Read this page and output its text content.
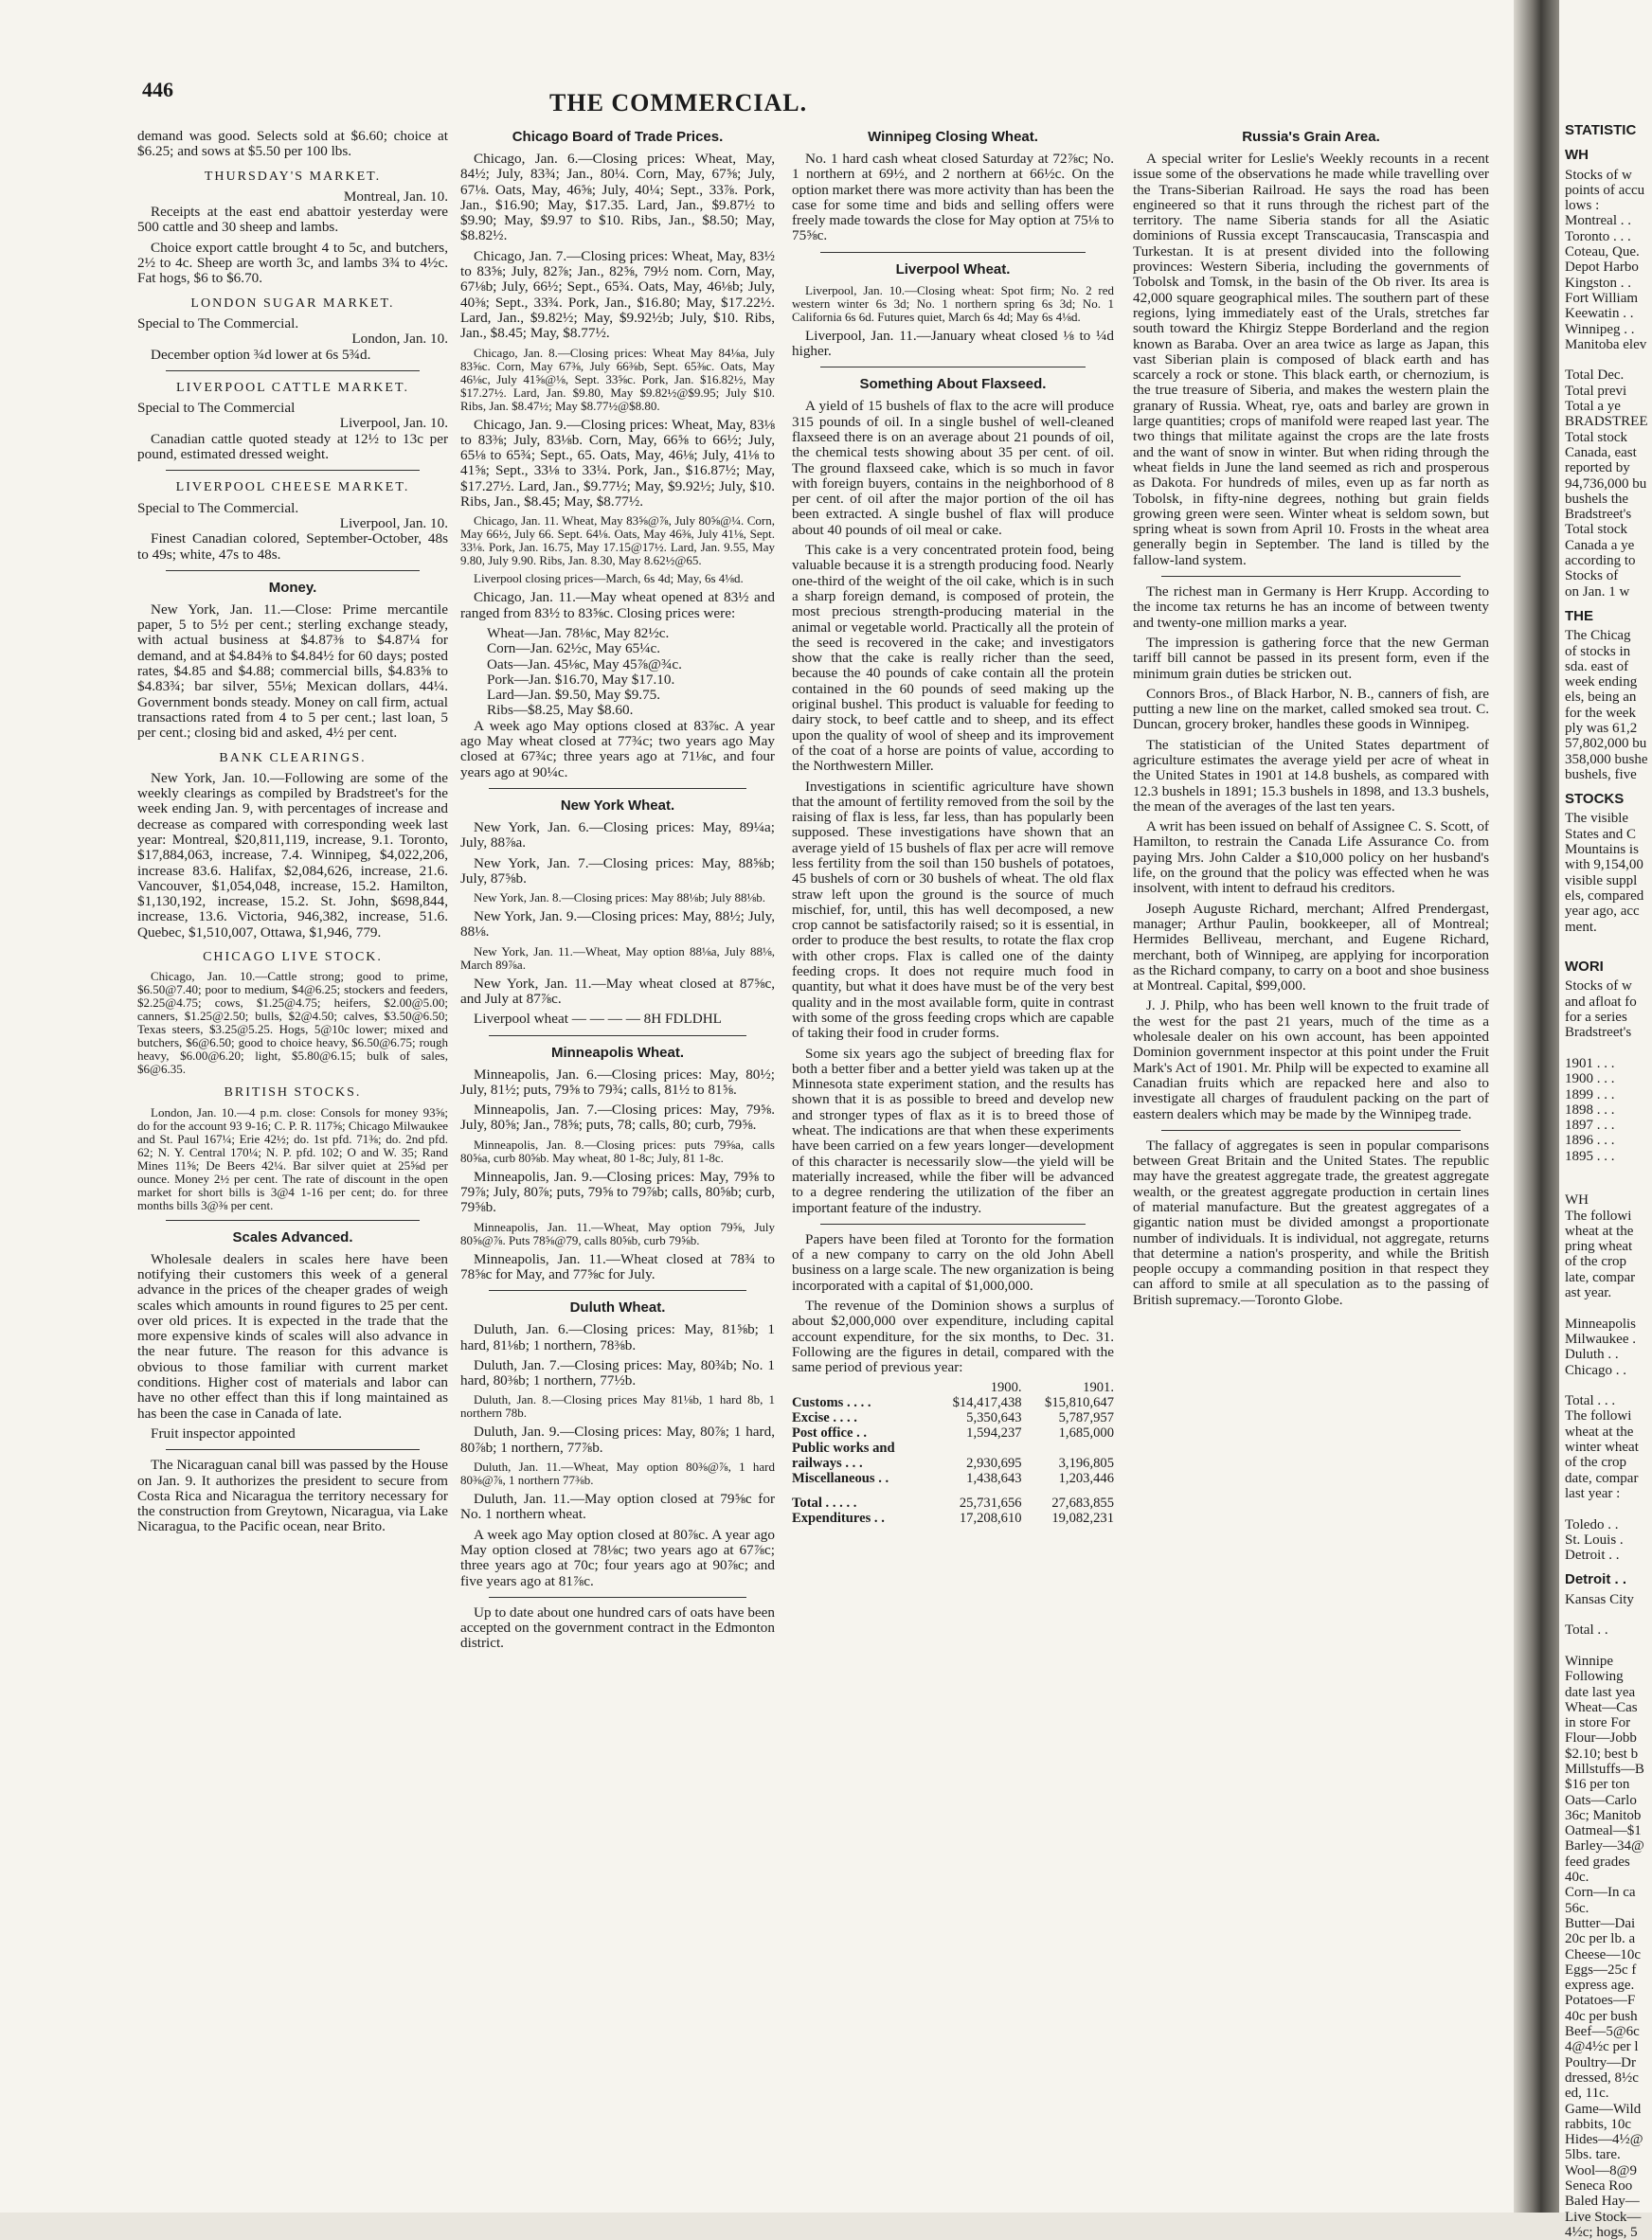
446	THE COMMERCIAL.

demand was good. Selects sold at $6.60; choice at $6.25; and sows at $5.50 per 100 lbs.

THURSDAY'S MARKET.
Montreal, Jan. 10.

Receipts at the east end abattoir yesterday were 500 cattle and 30 sheep and lambs.

Choice export cattle brought 4 to 5c, and butchers, 2½ to 4c. Sheep are worth 3c, and lambs 3¾ to 4½c. Fat hogs, $6 to $6.70.

LONDON SUGAR MARKET.
Special to The Commercial.
London, Jan. 10.

December option ¾d lower at 6s 5¾d.

LIVERPOOL CATTLE MARKET.
Special to The Commercial
Liverpool, Jan. 10.

Canadian cattle quoted steady at 12½ to 13c per pound, estimated dressed weight.

LIVERPOOL CHEESE MARKET.
Special to The Commercial.
Liverpool, Jan. 10.

Finest Canadian colored, September-October, 48s to 49s; white, 47s to 48s.

Money.

New York, Jan. 11.—Close: Prime mercantile paper, 5 to 5½ per cent.; sterling exchange steady, with actual business at $4.87⅜ to $4.87¼ for demand, and at $4.84⅜ to $4.84½ for 60 days; posted rates, $4.85 and $4.88; commercial bills, $4.83⅝ to $4.83¾; bar silver, 55⅛; Mexican dollars, 44¼. Government bonds steady. Money on call firm, actual transactions rated from 4 to 5 per cent.; last loan, 5 per cent.; closing bid and asked, 4½ per cent.

BANK CLEARINGS.

New York, Jan. 10.—Following are some of the weekly clearings as compiled by Bradstreet's for the week ending Jan. 9, with percentages of increase and decrease as compared with corresponding week last year: Montreal, $20,811,119, increase, 9.1. Toronto, $17,884,063, increase, 7.4. Winnipeg, $4,022,206, increase 83.6. Halifax, $2,084,626, increase, 21.6. Vancouver, $1,054,048, increase, 15.2. Hamilton, $1,130,192, increase, 15.2. St. John, $698,844, increase, 13.6. Victoria, 946,382, increase, 51.6. Quebec, $1,510,007, Ottawa, $1,946, 779.

CHICAGO LIVE STOCK.

Chicago, Jan. 10.—Cattle strong; good to prime, $6.50@7.40; poor to medium, $4@6.25; stockers and feeders, $2.25@4.75; cows, $1.25@4.75; heifers, $2.00@5.00; canners, $1.25@2.50; bulls, $2@4.50; calves, $3.50@6.50; Texas steers, $3.25@5.25. Hogs, 5@10c lower; mixed and butchers, $6@6.50; good to choice heavy, $6.50@6.75; rough heavy, $6.00@6.20; light, $5.80@6.15; bulk of sales, $6@6.35.

BRITISH STOCKS.

London, Jan. 10.—4 p.m. close: Consols for money 93⅝; do for the account 93 9-16; C. P. R. 117⅝; Chicago Milwaukee and St. Paul 167¼; Erie 42½; do. 1st pfd. 71⅜; do. 2nd pfd. 62; N. Y. Central 170¼; N. P. pfd. 102; O and W. 35; Rand Mines 11⅝; De Beers 42¼. Bar silver quiet at 25⅝d per ounce. Money 2½ per cent. The rate of discount in the open market for short bills is 3@4 1-16 per cent; do. for three months bills 3@⅜ per cent.

Scales Advanced.

Wholesale dealers in scales here have been notifying their customers this week of a general advance in the prices of the cheaper grades of weigh scales which amounts in round figures to 25 per cent. over old prices. It is expected in the trade that the more expensive kinds of scales will also advance in the near future. The reason for this advance is obvious to those familiar with current market conditions. Higher cost of materials and labor can have no other effect than this if long maintained as has been the case in Canada of late.

Fruit inspector appointed

The Nicaraguan canal bill was passed by the House on Jan. 9. It authorizes the president to secure from Costa Rica and Nicaragua the territory necessary for the construction from Greytown, Nicaragua, via Lake Nicaragua, to the Pacific ocean, near Brito.

Chicago Board of Trade Prices.

Chicago, Jan. 6.—Closing prices: Wheat, May, 84½; July, 83¾; Jan., 80¼. Corn, May, 67⅝; July, 67⅛. Oats, May, 46⅝; July, 40¼; Sept., 33⅞. Pork, Jan., $16.90; May, $17.35. Lard, Jan., $9.87½ to $9.90; May, $9.97 to $10. Ribs, Jan., $8.50; May, $8.82½.

Chicago, Jan. 7.—Closing prices: Wheat, May, 83½ to 83⅝; July, 82⅞; Jan., 82⅝, 79½ nom. Corn, May, 67⅛b; July, 66½; Sept., 65¾. Oats, May, 46⅛b; July, 40⅜; Sept., 33¾. Pork, Jan., $16.80; May, $17.22½. Lard, Jan., $9.82½; May, $9.92½b; July, $10. Ribs, Jan., $8.45; May, $8.77½.

Chicago, Jan. 8.—Closing prices: Wheat May 84⅛a, July 83⅝c. Corn, May 67⅜, July 66⅜b, Sept. 65⅜c. Oats, May 46⅛c, July 41⅝@⅛, Sept. 33⅝c. Pork, Jan. $16.82½, May $17.27½. Lard, Jan. $9.80, May $9.82½@$9.95; July $10. Ribs, Jan. $8.47½; May $8.77½@$8.80.

Chicago, Jan. 9.—Closing prices: Wheat, May, 83⅛ to 83⅜; July, 83⅛b. Corn, May, 66⅝ to 66½; July, 65⅛ to 65¾; Sept., 65. Oats, May, 46⅛; July, 41⅛ to 41⅝; Sept., 33⅛ to 33¼. Pork, Jan., $16.87½; May, $17.27½. Lard, Jan., $9.77½; May, $9.92½; July, $10. Ribs, Jan., $8.45; May, $8.77½.

Chicago, Jan. 11. Wheat, May 83⅝@⅞, July 80⅝@¼. Corn, May 66½, July 66. Sept. 64⅛. Oats, May 46⅜, July 41⅛, Sept. 33⅛. Pork, Jan. 16.75, May 17.15@17½. Lard, Jan. 9.55, May 9.80, July 9.90. Ribs, Jan. 8.30, May 8.62½@65.

Liverpool closing prices—March, 6s 4d; May, 6s 4⅛d.

Chicago, Jan. 11.—May wheat opened at 83½ and ranged from 83½ to 83⅝c. Closing prices were:

Wheat—Jan. 78⅛c, May 82½c.
Corn—Jan. 62½c, May 65¼c.
Oats—Jan. 45⅛c, May 45⅞@¾c.
Pork—Jan. $16.70, May $17.10.
Lard—Jan. $9.50, May $9.75.
Ribs—$8.25, May $8.60.

A week ago May options closed at 83⅞c. A year ago May wheat closed at 77¾c; two years ago May closed at 67¾c; three years ago at 71⅛c, and four years ago at 90¼c.

New York Wheat.

New York, Jan. 6.—Closing prices: May, 89¼a; July, 88⅞a.

New York, Jan. 7.—Closing prices: May, 88⅝b; July, 87⅝b.

New York, Jan. 8.—Closing prices: May 88⅛b; July 88⅛b.

New York, Jan. 9.—Closing prices: May, 88½; July, 88⅛.

New York, Jan. 11.—Wheat, May option 88⅛a, July 88⅛, March 89⅞a.

New York, Jan. 11.—May wheat closed at 87⅝c, and July at 87⅞c.

Liverpool wheat — — — — 8H FDLDHL

Minneapolis Wheat.

Minneapolis, Jan. 6.—Closing prices: May, 80½; July, 81½; puts, 79⅝ to 79¾; calls, 81½ to 81⅝.

Minneapolis, Jan. 7.—Closing prices: May, 79⅝. July, 80⅝; Jan., 78⅝; puts, 78; calls, 80; curb, 79⅝.

Minneapolis, Jan. 8.—Closing prices: puts 79⅝a, calls 80⅝a, curb 80⅝b. May wheat, 80 1-8c; July, 81 1-8c.

Minneapolis, Jan. 9.—Closing prices: May, 79⅝ to 79⅞; July, 80⅞; puts, 79⅝ to 79⅞b; calls, 80⅝b; curb, 79⅝b.

Minneapolis, Jan. 11.—Wheat, May option 79⅝, July 80⅝@⅞. Puts 78⅝@79, calls 80⅝b, curb 79⅝b.

Minneapolis, Jan. 11.—Wheat closed at 78¾ to 78⅝c for May, and 77⅝c for July.

Duluth Wheat.

Duluth, Jan. 6.—Closing prices: May, 81⅝b; 1 hard, 81⅛b; 1 northern, 78⅜b.

Duluth, Jan. 7.—Closing prices: May, 80¾b; No. 1 hard, 80⅜b; 1 northern, 77½b.

Duluth, Jan. 8.—Closing prices May 81⅛b, 1 hard 8b, 1 northern 78b.

Duluth, Jan. 9.—Closing prices: May, 80⅞; 1 hard, 80⅞b; 1 northern, 77⅞b.

Duluth, Jan. 11.—Wheat, May option 80⅜@⅞, 1 hard 80⅜@⅞, 1 northern 77⅜b.

Duluth, Jan. 11.—May option closed at 79⅝c for No. 1 northern wheat.

A week ago May option closed at 80⅞c. A year ago May option closed at 78⅛c; two years ago at 67⅞c; three years ago at 70c; four years ago at 90⅞c; and five years ago at 81⅞c.

Up to date about one hundred cars of oats have been accepted on the government contract in the Edmonton district.

Winnipeg Closing Wheat.

No. 1 hard cash wheat closed Saturday at 72⅞c; No. 1 northern at 69½, and 2 northern at 66½c. On the option market there was more activity than has been the case for some time and bids and selling offers were freely made towards the close for May option at 75⅛ to 75⅝c.

Liverpool Wheat.

Liverpool, Jan. 10.—Closing wheat: Spot firm; No. 2 red western winter 6s 3d; No. 1 northern spring 6s 3d; No. 1 California 6s 6d. Futures quiet, March 6s 4d; May 6s 4⅛d.

Liverpool, Jan. 11.—January wheat closed ⅛ to ¼d higher.

Something About Flaxseed.

A yield of 15 bushels of flax to the acre will produce 315 pounds of oil. In a single bushel of well-cleaned flaxseed there is on an average about 21 pounds of oil, the chemical tests showing about 35 per cent. of oil. The ground flaxseed cake, which is so much in favor with foreign buyers, contains in the neighborhood of 8 per cent. of oil after the major portion of the oil has been extracted. A single bushel of flax will produce about 40 pounds of oil meal or cake.

This cake is a very concentrated protein food, being valuable because it is a strength producing food. Nearly one-third of the weight of the oil cake, which is in such a sharp foreign demand, is composed of protein, the most precious strength-producing material in the animal or vegetable world. Practically all the protein of the seed is recovered in the cake; and investigators show that the cake is really richer than the seed, because the 40 pounds of cake contain all the protein contained in the 60 pounds of seed making up the original bushel. This product is valuable for feeding to dairy stock, to beef cattle and to sheep, and its effect upon the quality of wool of sheep and its improvement of the coat of a horse are points of value, according to the Northwestern Miller.

Investigations in scientific agriculture have shown that the amount of fertility removed from the soil by the raising of flax is less, far less, than has popularly been supposed. These investigations have shown that an average yield of 15 bushels of flax per acre will remove less fertility from the soil than 150 bushels of potatoes, 45 bushels of corn or 30 bushels of wheat. The old flax straw left upon the ground is the source of much mischief, for, until, this has well decomposed, a new crop cannot be satisfactorily raised; so it is essential, in order to produce the best results, to rotate the flax crop with other crops. Flax is called one of the dainty feeding crops. It does not require much food in quantity, but what it does have must be of the very best quality and in the most available form, quite in contrast with some of the gross feeding crops which are capable of taking their food in cruder forms.

Some six years ago the subject of breeding flax for both a better fiber and a better yield was taken up at the Minnesota state experiment station, and the results has shown that it is as possible to breed and develop new and stronger types of flax as it is to breed those of wheat. The indications are that when these experiments have been carried on a few years longer—development of this character is necessarily slow—the yield will be materially increased, while the fiber will be advanced to a degree rendering the utilization of the fiber an important feature of the industry.

Papers have been filed at Toronto for the formation of a new company to carry on the old John Abell business on a large scale. The new organization is being incorporated with a capital of $1,000,000.

The revenue of the Dominion shows a surplus of about $2,000,000 over expenditure, including capital account expenditure, for the six months, to Dec. 31. Following are the figures in detail, compared with the same period of previous year:

	1900.	1901.
Customs . . . .	$14,417,438	$15,810,647
Excise . . . .	5,350,643	5,787,957
Post office . .	1,594,237	1,685,000
Public works and		
railways . . .	2,930,695	3,196,805
Miscellaneous . .	1,438,643	1,203,446

Total . . . . .	25,731,656	27,683,855
Expenditures . .	17,208,610	19,082,231
Russia's Grain Area.

A special writer for Leslie's Weekly recounts in a recent issue some of the observations he made while travelling over the Trans-Siberian Railroad. He says the road has been engineered so that it runs through the richest part of the territory. The name Siberia stands for all the Asiatic dominions of Russia except Transcaucasia, Transcaspia and Turkestan. It is at present divided into the following provinces: Western Siberia, including the governments of Tobolsk and Tomsk, in the basin of the Ob river. Its area is 42,000 square geographical miles. The southern part of these regions, lying immediately east of the Urals, stretches far south toward the Khirgiz Steppe Borderland and the region known as Baraba. Over an area twice as large as Japan, this vast Siberian plain is composed of black earth and has scarcely a rock or stone. This black earth, or chernozium, is the true treasure of Siberia, and makes the western plain the granary of Russia. Wheat, rye, oats and barley are grown in large quantities; crops of manifold were reaped last year. The two things that militate against the crops are the late frosts and the want of snow in winter. But when riding through the wheat fields in June the land seemed as rich and prosperous as Dakota. For hundreds of miles, even up as far north as Tobolsk, in fifty-nine degrees, nothing but grain fields growing green were seen. Winter wheat is seldom sown, but spring wheat is sown from April 10. Frosts in the wheat area generally begin in September. The land is tilled by the fallow-land system.

The richest man in Germany is Herr Krupp. According to the income tax returns he has an income of between twenty and twenty-one million marks a year.

The impression is gathering force that the new German tariff bill cannot be passed in its present form, even if the minimum grain duties be stricken out.

Connors Bros., of Black Harbor, N. B., canners of fish, are putting a new line on the market, called smoked sea trout. C. Duncan, grocery broker, handles these goods in Winnipeg.

The statistician of the United States department of agriculture estimates the average yield per acre of wheat in the United States in 1901 at 14.8 bushels, as compared with 12.3 bushels in 1891; 15.3 bushels in 1898, and 13.3 bushels, the mean of the averages of the last ten years.

A writ has been issued on behalf of Assignee C. S. Scott, of Hamilton, to restrain the Canada Life Assurance Co. from paying Mrs. John Calder a $10,000 policy on her husband's life, on the ground that the policy was effected when he was insolvent, with intent to defraud his creditors.

Joseph Auguste Richard, merchant; Alfred Prendergast, manager; Arthur Paulin, bookkeeper, all of Montreal; Hermides Belliveau, merchant, and Eugene Richard, merchant, both of Winnipeg, are applying for incorporation as the Richard company, to carry on a boot and shoe business at Montreal. Capital, $99,000.

J. J. Philp, who has been well known to the fruit trade of the west for the past 21 years, much of the time as a wholesale dealer on his own account, has been appointed Dominion government inspector at this point under the Fruit Mark's Act of 1901. Mr. Philp will be expected to examine all Canadian fruits which are repacked here and also to investigate all charges of fraudulent packing on the part of eastern dealers which may be made by the Winnipeg trade.

The fallacy of aggregates is seen in popular comparisons between Great Britain and the United States. The republic may have the greatest aggregate trade, the greatest aggregate wealth, or the greatest aggregate production in certain lines of material manufacture. But the greatest aggregates of a gigantic nation must be divided amongst a proportionate number of individuals. It is individual, not aggregate, returns that determine a nation's prosperity, and while the British people occupy a commanding position in that respect they can afford to smile at all speculation as to the passing of British supremacy.—Toronto Globe.

STATISTIC
WH
Stocks of w
points of accu
lows :
Montreal . .
Toronto . . .
Coteau, Que.
Depot Harbo
Kingston . .
Fort William
Keewatin . .
Winnipeg . .
Manitoba elev
Total Dec.
Total previ
Total a ye
BRADSTREE
Total stock
Canada, east
reported by
94,736,000 bu
bushels the
Bradstreet's
Total stock
Canada a ye
according to
Stocks of
on Jan. 1 w
THE
The Chicag
of stocks in
sda. east of
week ending
els, being an
for the week
ply was 61,2
57,802,000 bu
358,000 bushe
bushels, five
STOCKS
The visible
States and C
Mountains is
with 9,154,00
visible suppl
els, compared
year ago, acc
ment.
WORI
Stocks of w
and afloat fo
for a series
Bradstreet's
1901 . . .
1900 . . .
1899 . . .
1898 . . .
1897 . . .
1896 . . .
1895 . . .
WH
The followi
wheat at the
pring wheat
of the crop
late, compar
ast year.
Minneapolis
Milwaukee .
Duluth . .
Chicago . .
Total . . .
The followi
wheat at the
winter wheat
of the crop
date, compar
last year :
Toledo . .
St. Louis .
Detroit . .
Detroit . .
Kansas City
Total . .
Winnipe
Following
date last yea
Wheat—Cas
in store For
Flour—Jobb
$2.10; best b
Millstuffs—B
$16 per ton
Oats—Carlo
36c; Manitob
Oatmeal—$1
Barley—34@
feed grades
40c.
Corn—In ca
56c.
Butter—Dai
20c per lb. a
Cheese—10c
Eggs—25c f
express age.
Potatoes—F
40c per bush
Beef—5@6c
4@4½c per l
Poultry—Dr
dressed, 8½c
ed, 11c.
Game—Wild
rabbits, 10c
Hides—4½@
5lbs. tare.
Wool—8@9
Seneca Roo
Baled Hay—
Live Stock—
4½c; hogs, 5
